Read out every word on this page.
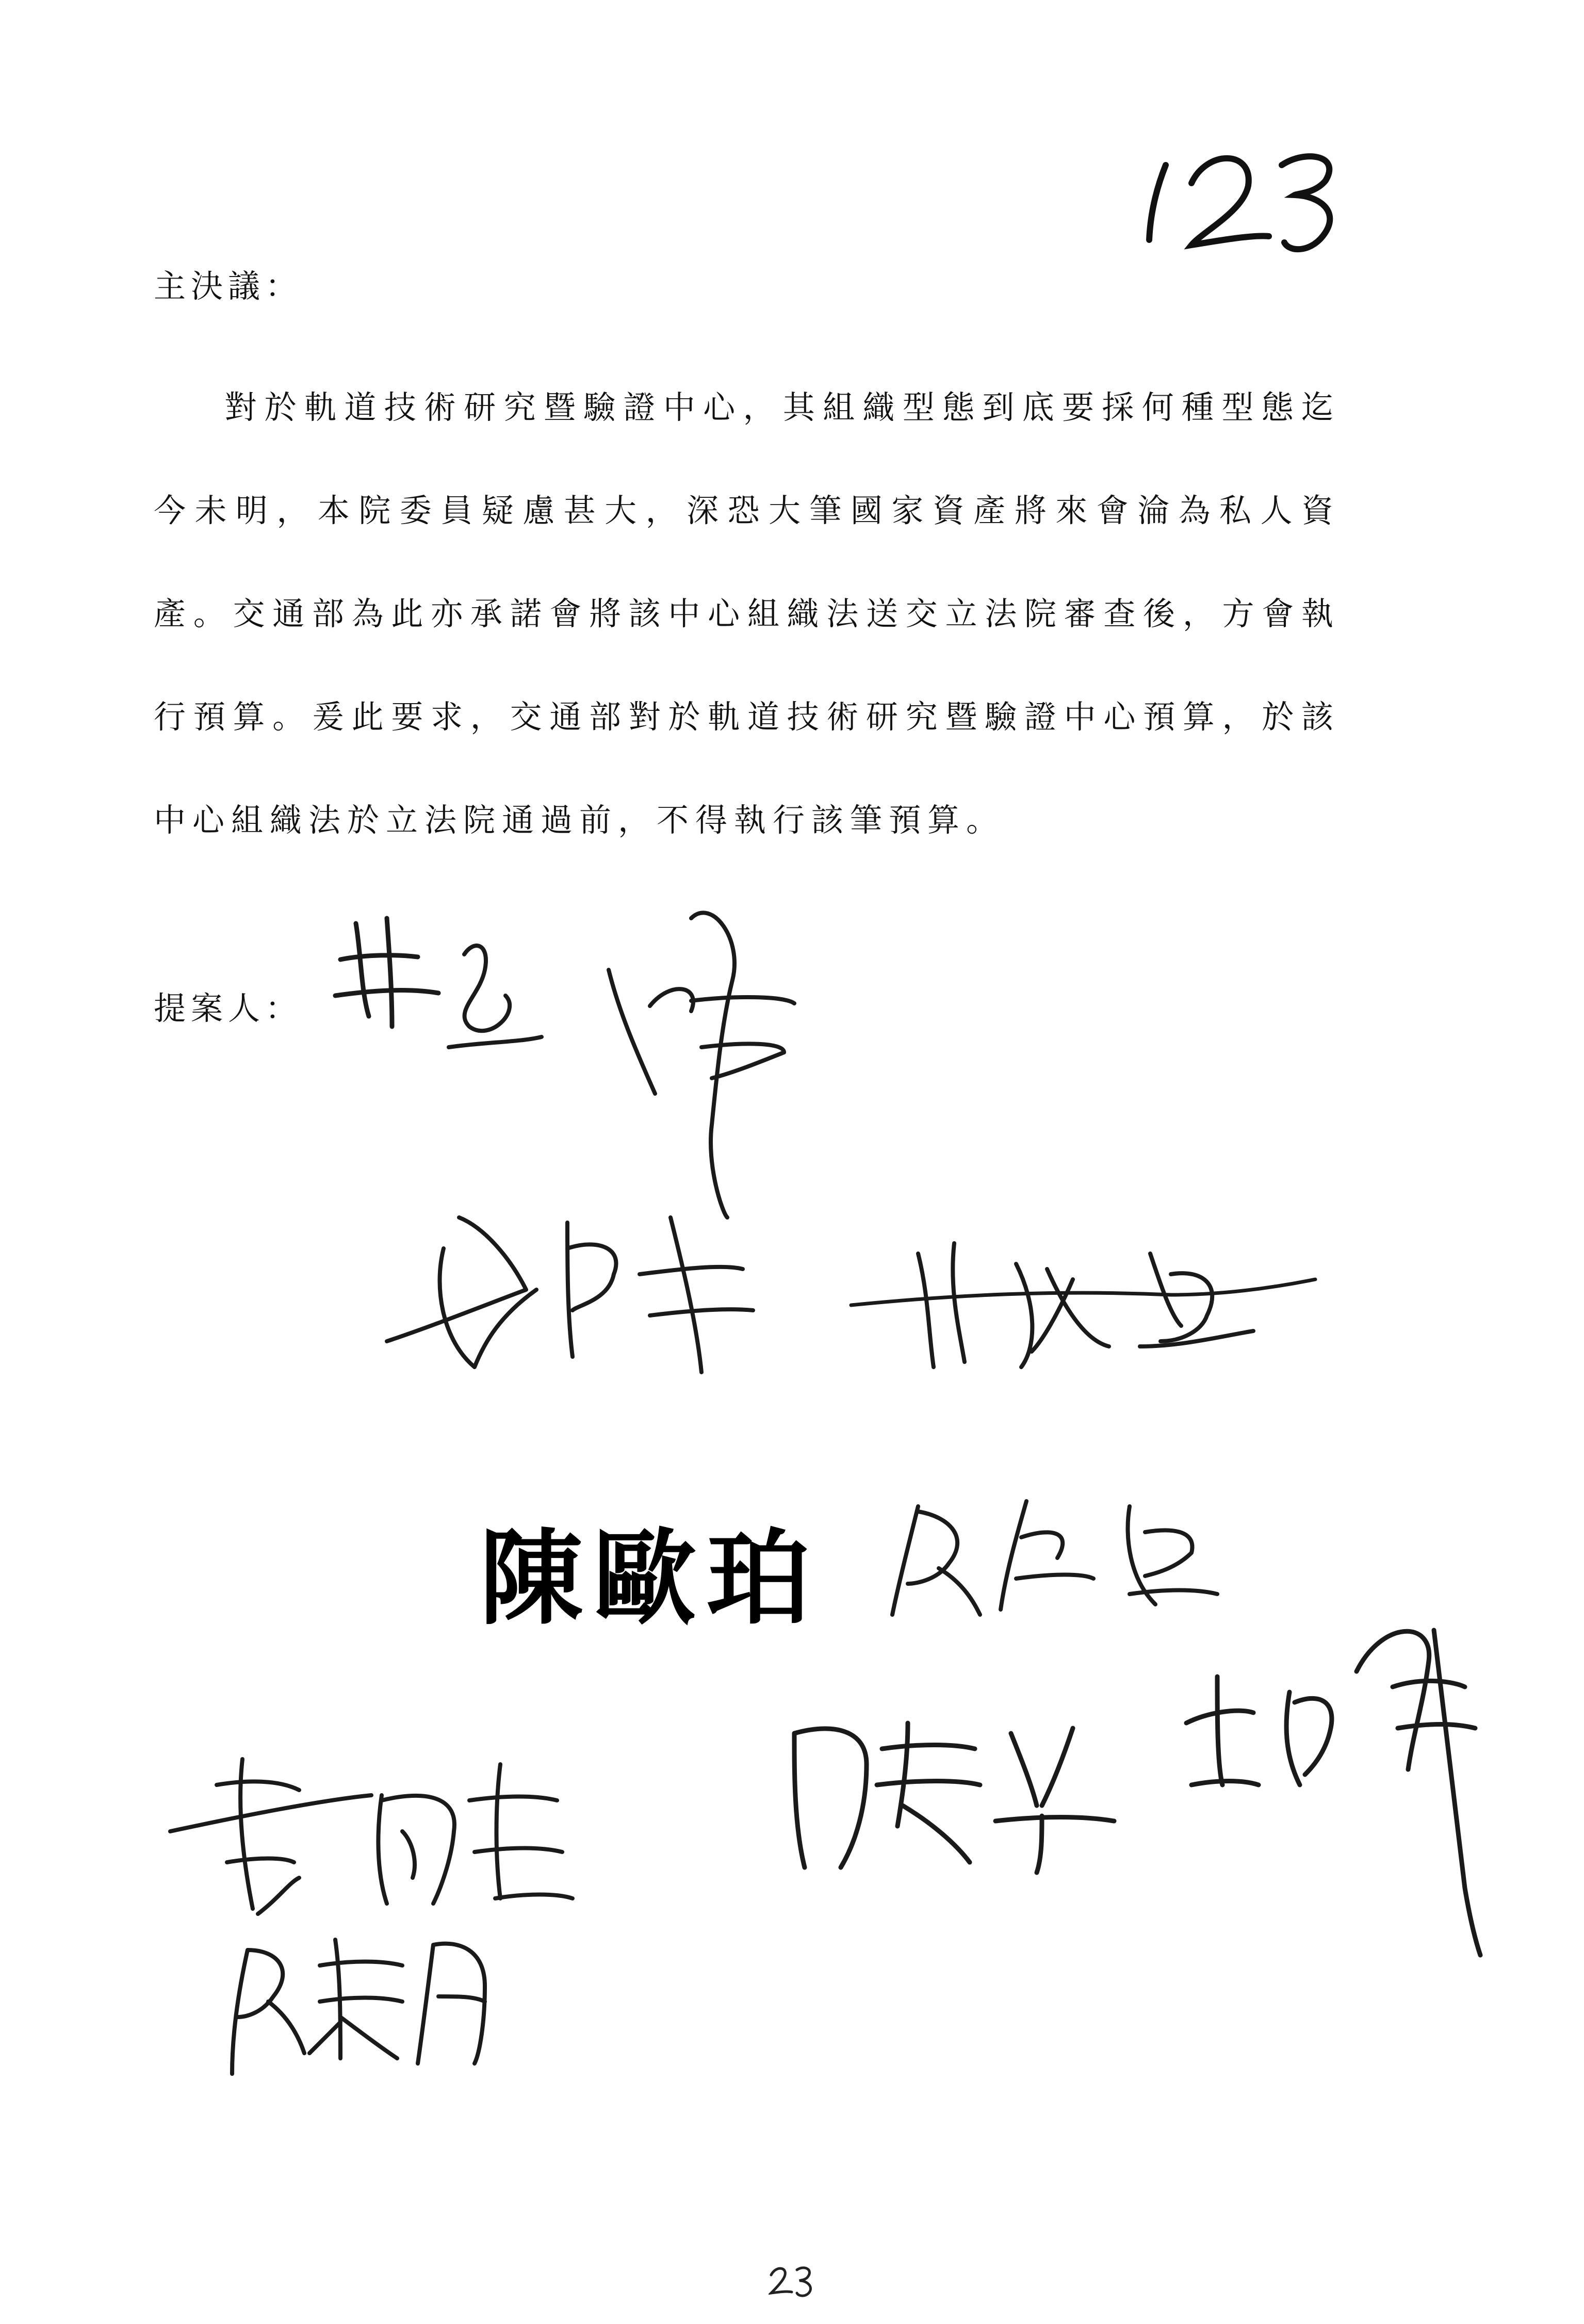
主決議：
對於軌道技術研究暨驗證中心，其組織型態到底要採何種型態迄今未明，本院委員疑慮甚大，深恐大筆國家資產將來會淪為私人資產。交通部為此亦承諾會將該中心組織法送交立法院審查後，方會執行預算。爰此要求，交通部對於軌道技術研究暨驗證中心預算，於該中心組織法於立法院通過前，不得執行該筆預算。
提案人：
陳歐珀
